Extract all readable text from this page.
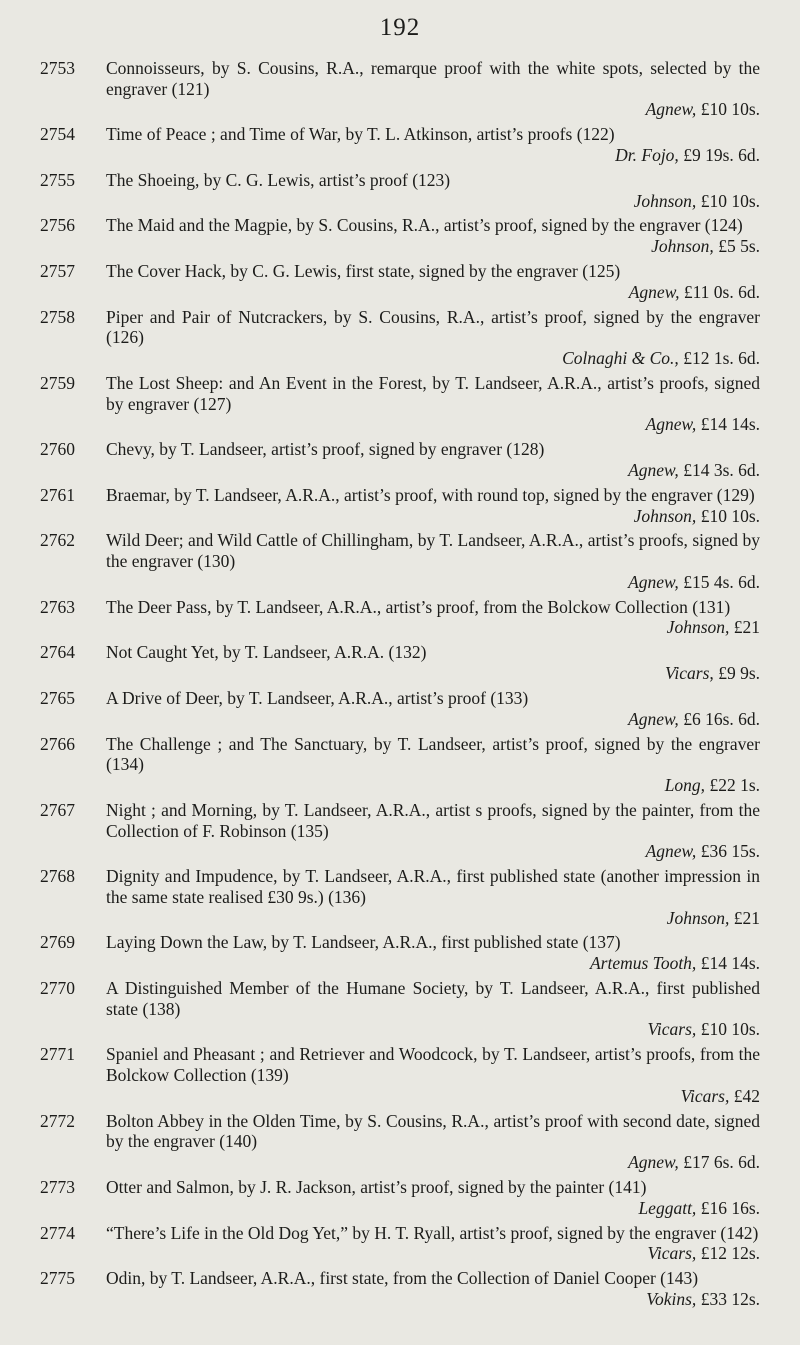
192
2753	Connoisseurs, by S. Cousins, R.A., remarque proof with the white spots, selected by the engraver (121)
Agnew, £10 10s.
2754	Time of Peace ; and Time of War, by T. L. Atkinson, artist’s proofs (122)
Dr. Fojo, £9 19s. 6d.
2755	The Shoeing, by C. G. Lewis, artist’s proof (123)
Johnson, £10 10s.
2756	The Maid and the Magpie, by S. Cousins, R.A., artist’s proof, signed by the engraver (124)
Johnson, £5 5s.
2757	The Cover Hack, by C. G. Lewis, first state, signed by the engraver (125)
Agnew, £11 0s. 6d.
2758	Piper and Pair of Nutcrackers, by S. Cousins, R.A., artist’s proof, signed by the engraver (126)
Colnaghi & Co., £12 1s. 6d.
2759	The Lost Sheep: and An Event in the Forest, by T. Landseer, A.R.A., artist’s proofs, signed by engraver (127)
Agnew, £14 14s.
2760	Chevy, by T. Landseer, artist’s proof, signed by engraver (128)
Agnew, £14 3s. 6d.
2761	Braemar, by T. Landseer, A.R.A., artist’s proof, with round top, signed by the engraver (129)
Johnson, £10 10s.
2762	Wild Deer; and Wild Cattle of Chillingham, by T. Landseer, A.R.A., artist’s proofs, signed by the engraver (130)
Agnew, £15 4s. 6d.
2763	The Deer Pass, by T. Landseer, A.R.A., artist’s proof, from the Bolckow Collection (131)
Johnson, £21
2764	Not Caught Yet, by T. Landseer, A.R.A. (132)
Vicars, £9 9s.
2765	A Drive of Deer, by T. Landseer, A.R.A., artist’s proof (133)
Agnew, £6 16s. 6d.
2766	The Challenge ; and The Sanctuary, by T. Landseer, artist’s proof, signed by the engraver (134)
Long, £22 1s.
2767	Night ; and Morning, by T. Landseer, A.R.A., artist s proofs, signed by the painter, from the Collection of F. Robinson (135)
Agnew, £36 15s.
2768	Dignity and Impudence, by T. Landseer, A.R.A., first published state (another impression in the same state realised £30 9s.) (136)
Johnson, £21
2769	Laying Down the Law, by T. Landseer, A.R.A., first published state (137)
Artemus Tooth, £14 14s.
2770	A Distinguished Member of the Humane Society, by T. Landseer, A.R.A., first published state (138)
Vicars, £10 10s.
2771	Spaniel and Pheasant ; and Retriever and Woodcock, by T. Landseer, artist’s proofs, from the Bolckow Collection (139)
Vicars, £42
2772	Bolton Abbey in the Olden Time, by S. Cousins, R.A., artist’s proof with second date, signed by the engraver (140)
Agnew, £17 6s. 6d.
2773	Otter and Salmon, by J. R. Jackson, artist’s proof, signed by the painter (141)
Leggatt, £16 16s.
2774	“There’s Life in the Old Dog Yet,” by H. T. Ryall, artist’s proof, signed by the engraver (142)
Vicars, £12 12s.
2775	Odin, by T. Landseer, A.R.A., first state, from the Collection of Daniel Cooper (143)
Vokins, £33 12s.
